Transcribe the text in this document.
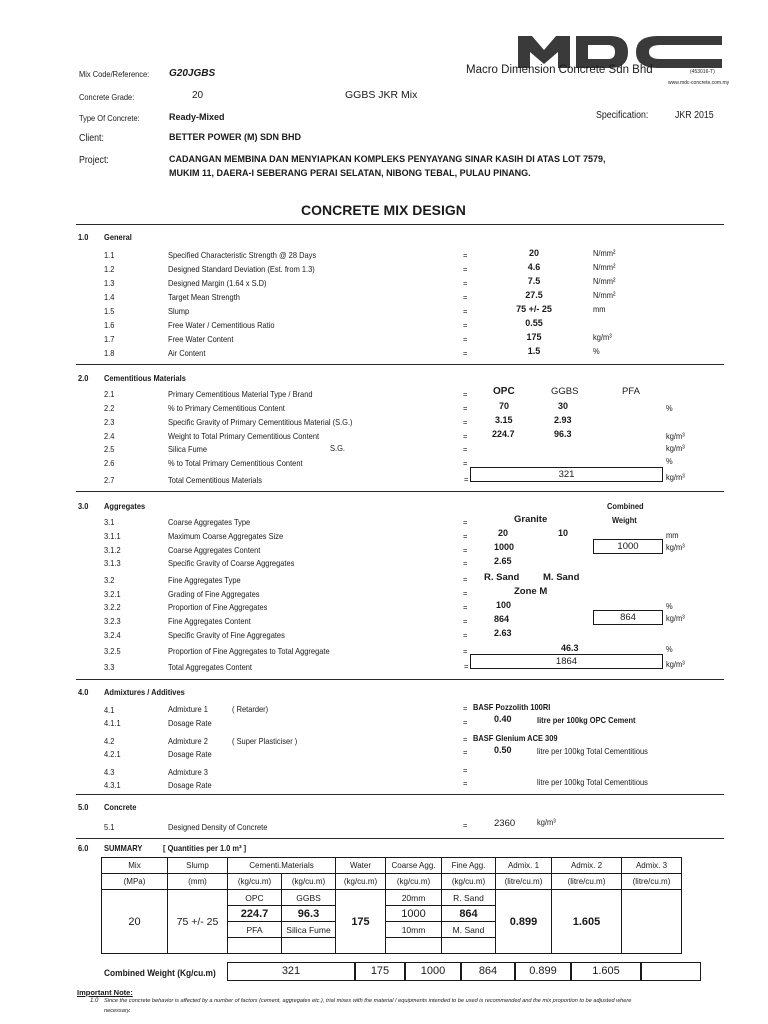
Macro Dimension Concrete Sdn Bhd	(453016-T)
www.mdc-concrete.com.my
Mix Code/Reference: G20JGBS
Concrete Grade:	20	GGBS JKR Mix
Type Of Concrete:	Ready-Mixed	Specification:	JKR 2015
Client:	BETTER POWER (M) SDN BHD
Project:	CADANGAN MEMBINA DAN MENYIAPKAN KOMPLEKS PENYAYANG SINAR KASIH DI ATAS LOT 7579,
MUKIM 11, DAERA-I SEBERANG PERAI SELATAN, NIBONG TEBAL, PULAU PINANG.
CONCRETE MIX DESIGN
1.0 General
1.1	Specified Characteristic Strength @ 28 Days	=	20	N/mm²
1.2	Designed Standard Deviation (Est. from 1.3)	=	4.6	N/mm²
1.3	Designed Margin (1.64 x S.D)	=	7.5	N/mm²
1.4	Target Mean Strength	=	27.5	N/mm²
1.5	Slump	=	75 +/- 25	mm
1.6	Free Water / Cementitious Ratio	=	0.55
1.7	Free Water Content	=	175	kg/m³
1.8	Air Content	=	1.5	%
2.0 Cementitious Materials
2.1	Primary Cementitious Material Type / Brand	=	OPC	GGBS	PFA
2.2	% to Primary Cementitious Content	=	70	30	%
2.3	Specific Gravity of Primary Cementitious Material (S.G.)	=	3.15	2.93
2.4	Weight to Total Primary Cementitious Content	=	224.7	96.3	kg/m³
2.5	Silica Fume	S.G.	=	kg/m³
2.6	% to Total Primary Cementitious Content	=	%
2.7	Total Cementitious Materials	=	321	kg/m³
3.0 Aggregates	Combined
Weight
3.1	Coarse Aggregates Type	=	Granite
3.1.1	Maximum Coarse Aggregates Size	=	20	10	mm
3.1.2	Coarse Aggregates Content	=	1000	1000	kg/m³
3.1.3	Specific Gravity of Coarse Aggregates	=	2.65
3.2	Fine Aggregates Type	= R. Sand M. Sand
3.2.1	Grading of Fine Aggregates	=	Zone M
3.2.2	Proportion of Fine Aggregates	=	100	%
3.2.3	Fine Aggregates Content	=	864	864	kg/m³
3.2.4	Specific Gravity of Fine Aggregates	=	2.63
3.2.5	Proportion of Fine Aggregates to Total Aggregate	=	46.3	%
3.3	Total Aggregates Content	=	1864	kg/m³
4.0 Admixtures / Additives
4.1	Admixture 1	( Retarder)	= BASF Pozzolith 100RI
4.1.1	Dosage Rate	=	0.40	litre per 100kg OPC Cement
4.2	Admixture 2	( Super Plasticiser )	= BASF Glenium ACE 309
4.2.1	Dosage Rate	=	0.50	litre per 100kg Total Cementitious
4.3	Admixture 3	=
4.3.1	Dosage Rate	=	litre per 100kg Total Cementitious
5.0 Concrete
5.1	Designed Density of Concrete	=	2360	kg/m³
6.0 SUMMARY [ Quantities per 1.0 m³ ]
Mix	Slump	Cementi.Materials		Water	Coarse Agg.	Fine Agg.	Admix. 1	Admix. 2	Admix. 3
(MPa)	(mm)	(kg/cu.m)	(kg/cu.m)	(kg/cu.m)	(kg/cu.m)	(kg/cu.m)	(litre/cu.m)	(litre/cu.m)	(litre/cu.m)
20	75 +/- 25	OPC	GGBS	175	20mm	R. Sand	0.899	1.605	
		224.7	96.3		1000	864			
		PFA	Silica Fume		10mm	M. Sand			

Combined Weight (Kg/cu.m)	321	175	1000	864	0.899	1.605
Important Note:
1.0 Since the concrete behavior is affected by a number of factors (cement, aggregates etc.), trial mixes with the material / equipments intended to be used is recommended and the mix proportion to be adjusted where
necessary.
